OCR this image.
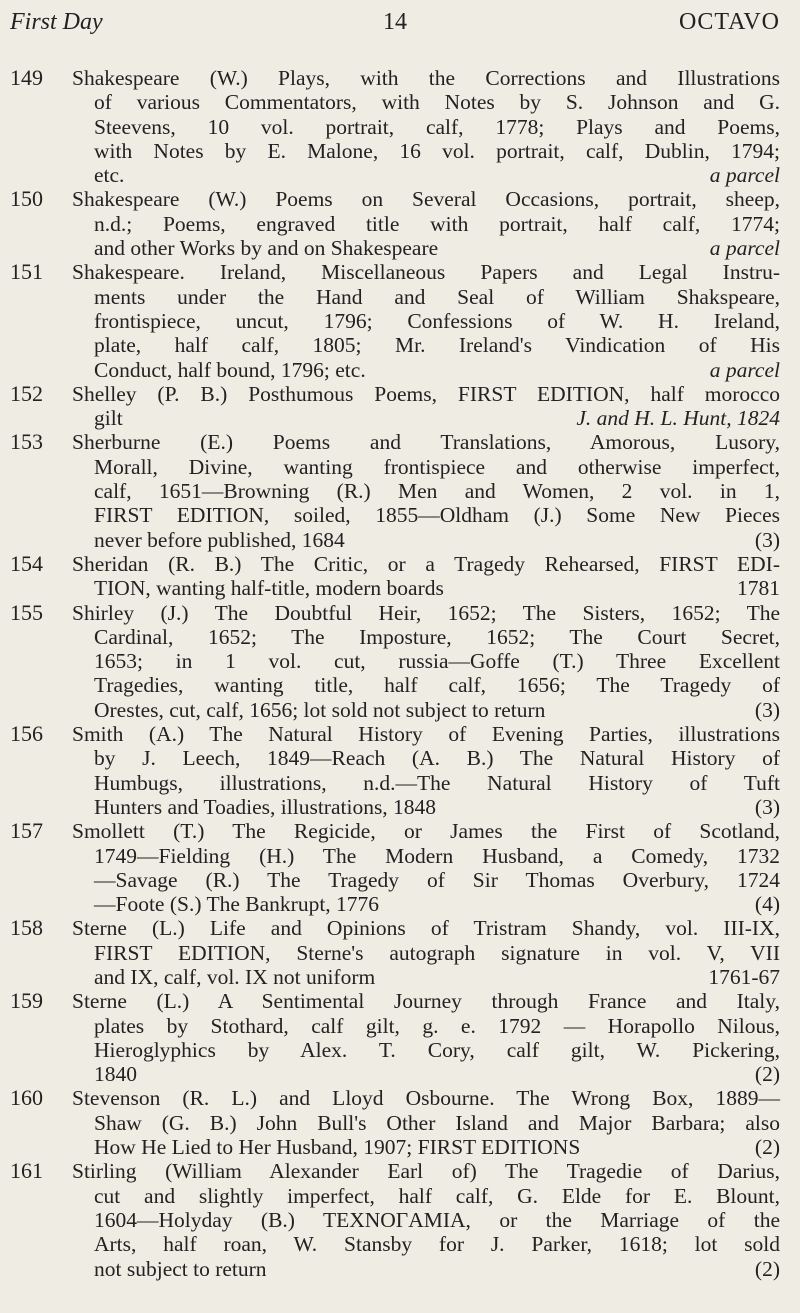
First Day	14	OCTAVO
149	Shakespeare (W.) Plays, with the Corrections and Illustrations
of various Commentators, with Notes by S. Johnson and G.
Steevens, 10 vol. portrait, calf, 1778; Plays and Poems,
with Notes by E. Malone, 16 vol. portrait, calf, Dublin, 1794;
etc.	a parcel
150	Shakespeare (W.) Poems on Several Occasions, portrait, sheep,
n.d.; Poems, engraved title with portrait, half calf, 1774;
and other Works by and on Shakespeare	a parcel
151	Shakespeare. Ireland, Miscellaneous Papers and Legal Instru-
ments under the Hand and Seal of William Shakspeare,
frontispiece, uncut, 1796; Confessions of W. H. Ireland,
plate, half calf, 1805; Mr. Ireland's Vindication of His
Conduct, half bound, 1796; etc.	a parcel
152	Shelley (P. B.) Posthumous Poems, FIRST EDITION, half morocco
gilt	J. and H. L. Hunt, 1824
153	Sherburne (E.) Poems and Translations, Amorous, Lusory,
Morall, Divine, wanting frontispiece and otherwise imperfect,
calf, 1651—Browning (R.) Men and Women, 2 vol. in 1,
FIRST EDITION, soiled, 1855—Oldham (J.) Some New Pieces
never before published, 1684	(3)
154	Sheridan (R. B.) The Critic, or a Tragedy Rehearsed, FIRST EDI-
TION, wanting half-title, modern boards	1781
155	Shirley (J.) The Doubtful Heir, 1652; The Sisters, 1652; The
Cardinal, 1652; The Imposture, 1652; The Court Secret,
1653; in 1 vol. cut, russia—Goffe (T.) Three Excellent
Tragedies, wanting title, half calf, 1656; The Tragedy of
Orestes, cut, calf, 1656; lot sold not subject to return	(3)
156	Smith (A.) The Natural History of Evening Parties, illustrations
by J. Leech, 1849—Reach (A. B.) The Natural History of
Humbugs, illustrations, n.d.—The Natural History of Tuft
Hunters and Toadies, illustrations, 1848	(3)
157	Smollett (T.) The Regicide, or James the First of Scotland,
1749—Fielding (H.) The Modern Husband, a Comedy, 1732
—Savage (R.) The Tragedy of Sir Thomas Overbury, 1724
—Foote (S.) The Bankrupt, 1776	(4)
158	Sterne (L.) Life and Opinions of Tristram Shandy, vol. III-IX,
FIRST EDITION, Sterne's autograph signature in vol. V, VII
and IX, calf, vol. IX not uniform	1761-67
159	Sterne (L.) A Sentimental Journey through France and Italy,
plates by Stothard, calf gilt, g. e. 1792 — Horapollo Nilous,
Hieroglyphics by Alex. T. Cory, calf gilt, W. Pickering,
1840	(2)
160	Stevenson (R. L.) and Lloyd Osbourne. The Wrong Box, 1889—
Shaw (G. B.) John Bull's Other Island and Major Barbara; also
How He Lied to Her Husband, 1907; FIRST EDITIONS	(2)
161	Stirling (William Alexander Earl of) The Tragedie of Darius,
cut and slightly imperfect, half calf, G. Elde for E. Blount,
1604—Holyday (B.) TEXNOΓAMIA, or the Marriage of the
Arts, half roan, W. Stansby for J. Parker, 1618; lot sold
not subject to return	(2)
